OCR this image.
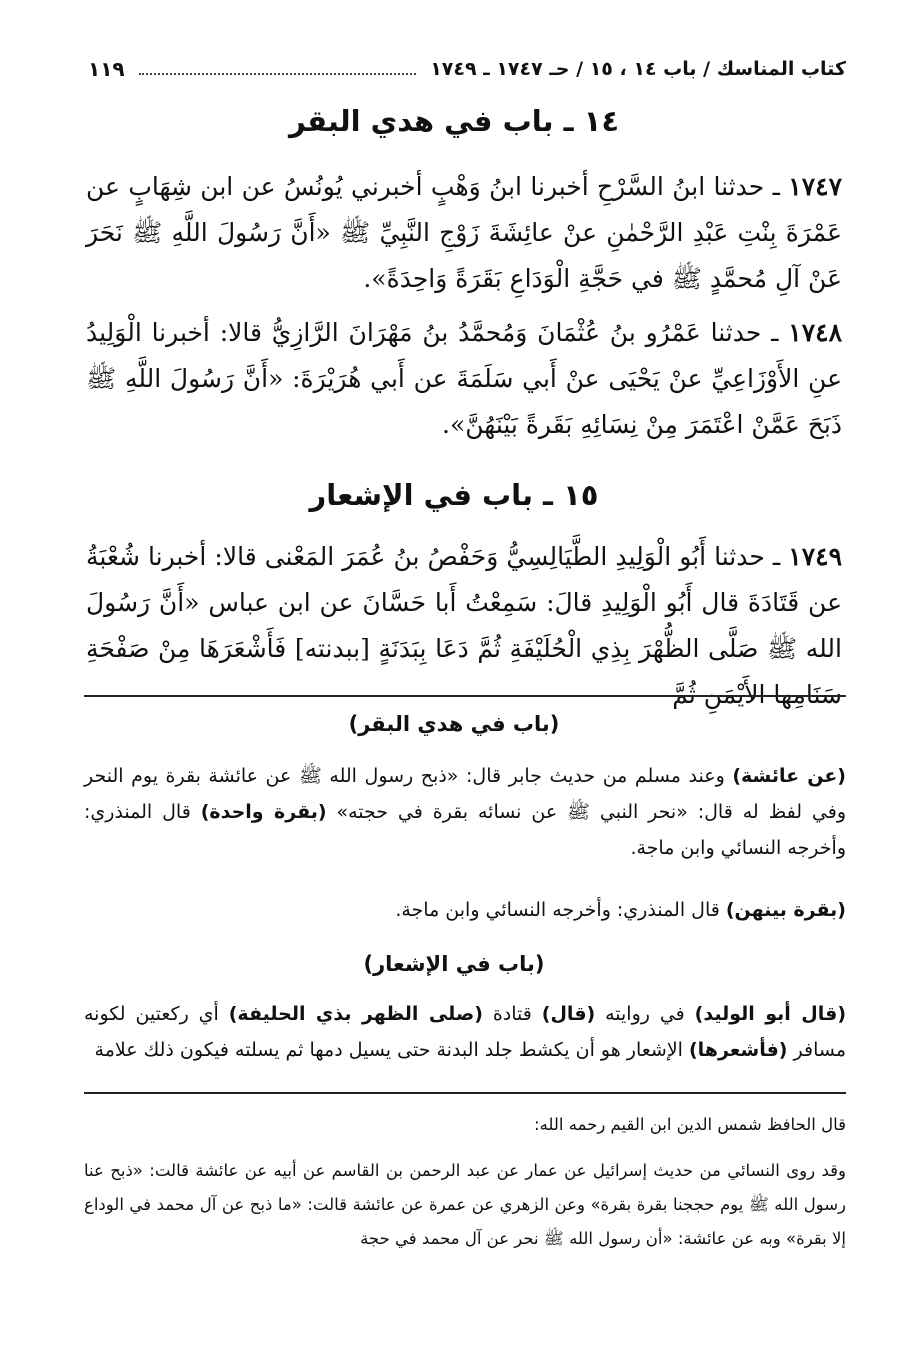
كتاب المناسك / باب ١٤ ، ١٥ / حـ ١٧٤٧ ـ ١٧٤٩
١١٩
١٤ ـ باب في هدي البقر
١٧٤٧ ـ حدثنا ابنُ السَّرْحِ أخبرنا ابنُ وَهْبٍ أخبرني يُونُسُ عن ابن شِهَابٍ عن عَمْرَةَ بِنْتِ عَبْدِ الرَّحْمٰنِ عنْ عائِشَةَ زَوْجِ النَّبِيِّ ﷺ «أَنَّ رَسُولَ اللَّهِ ﷺ نَحَرَ عَنْ آلِ مُحمَّدٍ ﷺ في حَجَّةِ الْوَدَاعِ بَقَرَةً وَاحِدَةً».
١٧٤٨ ـ حدثنا عَمْرُو بنُ عُثْمَانَ وَمُحمَّدُ بنُ مَهْرَانَ الرَّازِيُّ قالا: أخبرنا الْوَلِيدُ عنِ الأَوْزَاعِيِّ عنْ يَحْيَى عنْ أَبي سَلَمَةَ عن أَبي هُرَيْرَةَ: «أَنَّ رَسُولَ اللَّهِ ﷺ ذَبَحَ عَمَّنْ اعْتَمَرَ مِنْ نِسَائِهِ بَقَرةً بَيْنَهُنَّ».
١٥ ـ باب في الإشعار
١٧٤٩ ـ حدثنا أَبُو الْوَلِيدِ الطَّيَالِسِيُّ وَحَفْصُ بنُ عُمَرَ المَعْنى قالا: أخبرنا شُعْبَةُ عن قَتَادَةَ قال أَبُو الْوَلِيدِ قالَ: سَمِعْتُ أَبا حَسَّانَ عن ابن عباس «أَنَّ رَسُولَ الله ﷺ صَلَّى الظُّهْرَ بِذِي الْحُلَيْفَةِ ثُمَّ دَعَا بِبَدَنَةٍ [ببدنته] فَأَشْعَرَهَا مِنْ صَفْحَةِ سَنَامِها الأَيْمَنِ ثُمَّ
(باب في هدي البقر)
(عن عائشة) وعند مسلم من حديث جابر قال: «ذبح رسول الله ﷺ عن عائشة بقرة يوم النحر وفي لفظ له قال: «نحر النبي ﷺ عن نسائه بقرة في حجته» (بقرة واحدة) قال المنذري: وأخرجه النسائي وابن ماجة.
(بقرة بينهن) قال المنذري: وأخرجه النسائي وابن ماجة.
(باب في الإشعار)
(قال أبو الوليد) في روايته (قال) قتادة (صلى الظهر بذي الحليفة) أي ركعتين لكونه مسافر (فأشعرها) الإشعار هو أن يكشط جلد البدنة حتى يسيل دمها ثم يسلته فيكون ذلك علامة
قال الحافظ شمس الدين ابن القيم رحمه الله:
وقد روى النسائي من حديث إسرائيل عن عمار عن عبد الرحمن بن القاسم عن أبيه عن عائشة قالت: «ذبح عنا رسول الله ﷺ يوم حججنا بقرة بقرة» وعن الزهري عن عمرة عن عائشة قالت: «ما ذبح عن آل محمد في الوداع إلا بقرة» وبه عن عائشة: «أن رسول الله ﷺ نحر عن آل محمد في حجة
